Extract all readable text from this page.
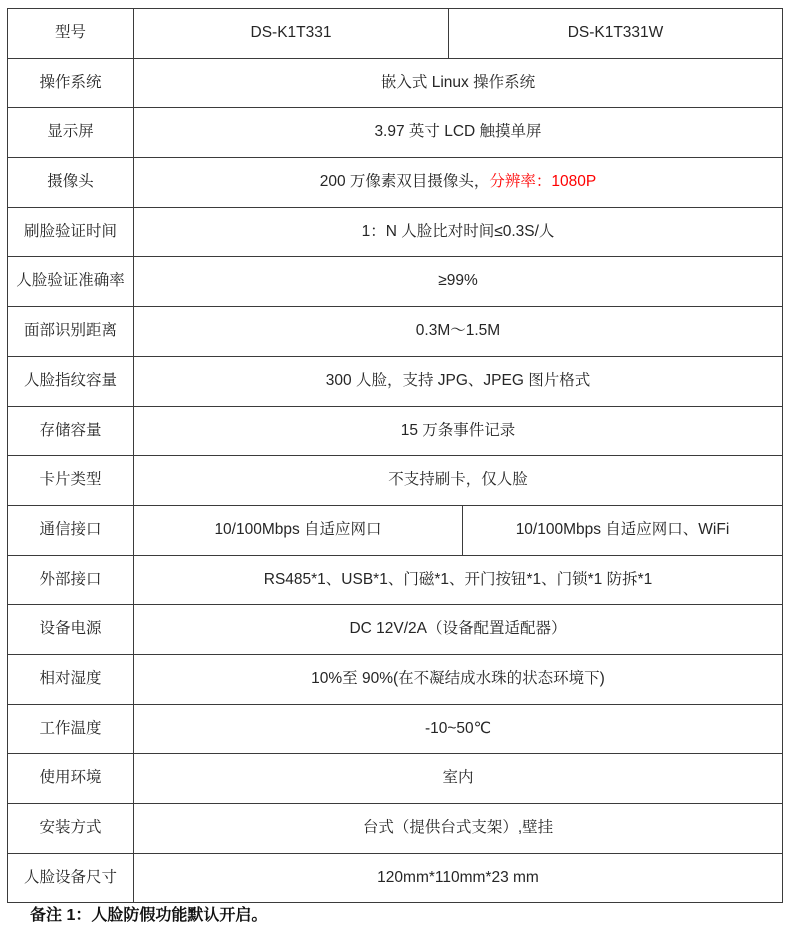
型号	DS-K1T331	DS-K1T331W
操作系统	嵌入式 Linux 操作系统
显示屏	3.97 英寸 LCD 触摸单屏
摄像头	200 万像素双目摄像头， 分辨率：1080P
刷脸验证时间	1：N 人脸比对时间≤0.3S/人
人脸验证准确率	≥99%
面部识别距离	0.3M～1.5M
人脸指纹容量	300 人脸，支持 JPG、JPEG 图片格式
存储容量	15 万条事件记录
卡片类型	不支持刷卡，仅人脸
通信接口	10/100Mbps 自适应网口	10/100Mbps 自适应网口、WiFi
外部接口	RS485*1、USB*1、门磁*1、开门按钮*1、门锁*1 防拆*1
设备电源	DC 12V/2A（设备配置适配器）
相对湿度	10%至 90%(在不凝结成水珠的状态环境下)
工作温度	-10~50℃
使用环境	室内
安装方式	台式（提供台式支架）,壁挂
人脸设备尺寸	120mm*110mm*23 mm
备注 1：人脸防假功能默认开启。
